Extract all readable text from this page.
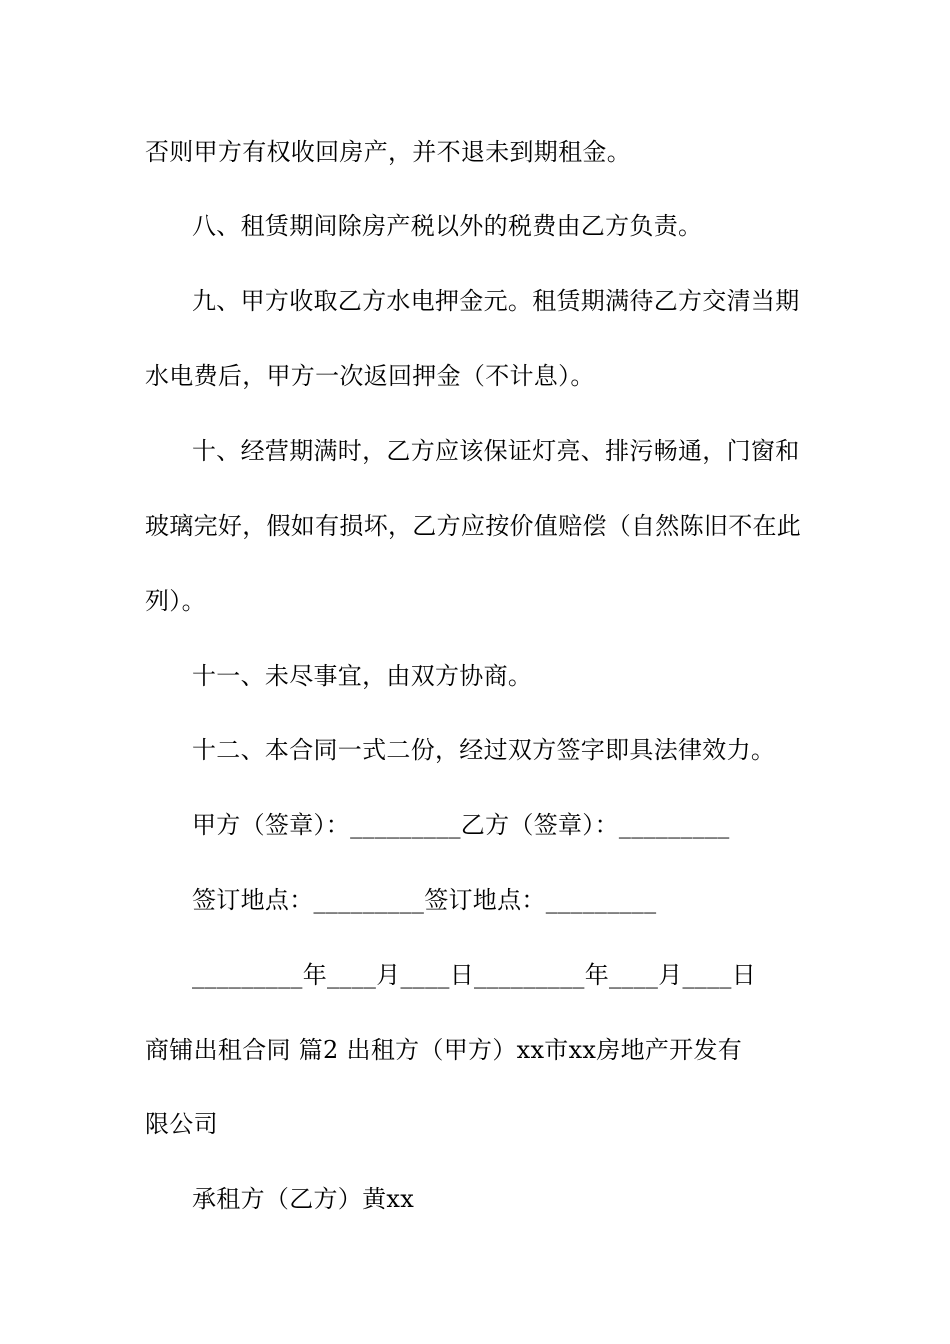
否则甲方有权收回房产，并不退未到期租金。
八、租赁期间除房产税以外的税费由乙方负责。
九、甲方收取乙方水电押金元。租赁期满待乙方交清当期
水电费后，甲方一次返回押金（不计息）。
十、经营期满时，乙方应该保证灯亮、排污畅通，门窗和
玻璃完好，假如有损坏，乙方应按价值赔偿（自然陈旧不在此
列）。
十一、未尽事宜，由双方协商。
十二、本合同一式二份，经过双方签字即具法律效力。
甲方（签章）：_________乙方（签章）：_________
签订地点：_________签订地点：_________
_________年____月____日_________年____月____日
商铺出租合同 篇2 出租方（甲方）xx市xx房地产开发有
限公司
承租方（乙方）黄xx
